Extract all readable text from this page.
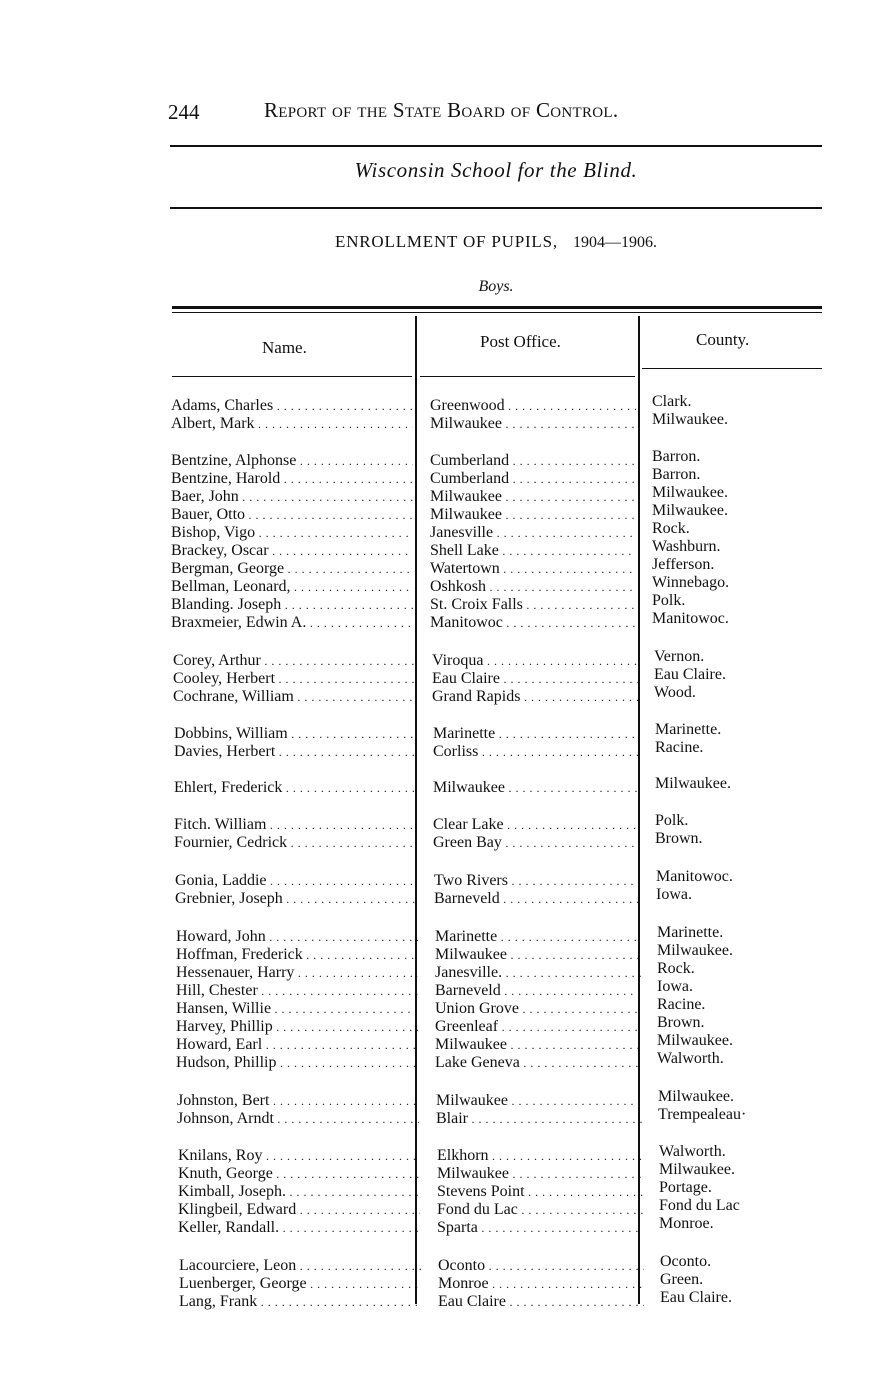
244	Report of the State Board of Control.
Wisconsin School for the Blind.
ENROLLMENT OF PUPILS, 1904—1906.
Boys.
Name.	Post Office.	County.
Adams, Charles . . .	Greenwood . . .	Clark.
Albert, Mark . . .	Milwaukee . . .	Milwaukee.
Bentzine, Alphonse . . .	Cumberland . . .	Barron.
Bentzine, Harold . . .	Cumberland . . .	Barron.
Baer, John . . .	Milwaukee . . .	Milwaukee.
Bauer, Otto . . .	Milwaukee . . .	Milwaukee.
Bishop, Vigo . . .	Janesville . . .	Rock.
Brackey, Oscar . . .	Shell Lake . . .	Washburn.
Bergman, George . . .	Watertown . . .	Jefferson.
Bellman, Leonard, . . .	Oshkosh . . .	Winnebago.
Blanding. Joseph . . .	St. Croix Falls . . .	Polk.
Braxmeier, Edwin A. . . .	Manitowoc . . .	Manitowoc.
Corey, Arthur . . .	Viroqua . . .	Vernon.
Cooley, Herbert . . .	Eau Claire . . .	Eau Claire.
Cochrane, William . . .	Grand Rapids . . .	Wood.
Dobbins, William . . .	Marinette . . .	Marinette.
Davies, Herbert . . .	Corliss . . .	Racine.
Ehlert, Frederick . . .	Milwaukee . . .	Milwaukee.
Fitch. William . . .	Clear Lake . . .	Polk.
Fournier, Cedrick . . .	Green Bay . . .	Brown.
Gonia, Laddie . . .	Two Rivers . . .	Manitowoc.
Grebnier, Joseph . . .	Barneveld . . .	Iowa.
Howard, John . . .	Marinette . . .	Marinette.
Hoffman, Frederick . . .	Milwaukee . . .	Milwaukee.
Hessenauer, Harry . . .	Janesville. . . .	Rock.
Hill, Chester . . .	Barneveld . . .	Iowa.
Hansen, Willie . . .	Union Grove . . .	Racine.
Harvey, Phillip . . .	Greenleaf . . .	Brown.
Howard, Earl . . .	Milwaukee . . .	Milwaukee.
Hudson, Phillip . . .	Lake Geneva . . .	Walworth.
Johnston, Bert . . .	Milwaukee . . .	Milwaukee.
Johnson, Arndt . . .	Blair . . .	Trempealeau·
Knilans, Roy . . .	Elkhorn . . .	Walworth.
Knuth, George . . .	Milwaukee . . .	Milwaukee.
Kimball, Joseph. . . .	Stevens Point . . .	Portage.
Klingbeil, Edward . . .	Fond du Lac . . .	Fond du Lac
Keller, Randall. . . .	Sparta . . .	Monroe.
Lacourciere, Leon . . .	Oconto . . .	Oconto.
Luenberger, George . . .	Monroe . . .	Green.
Lang, Frank . . .	Eau Claire . . .	Eau Claire.
